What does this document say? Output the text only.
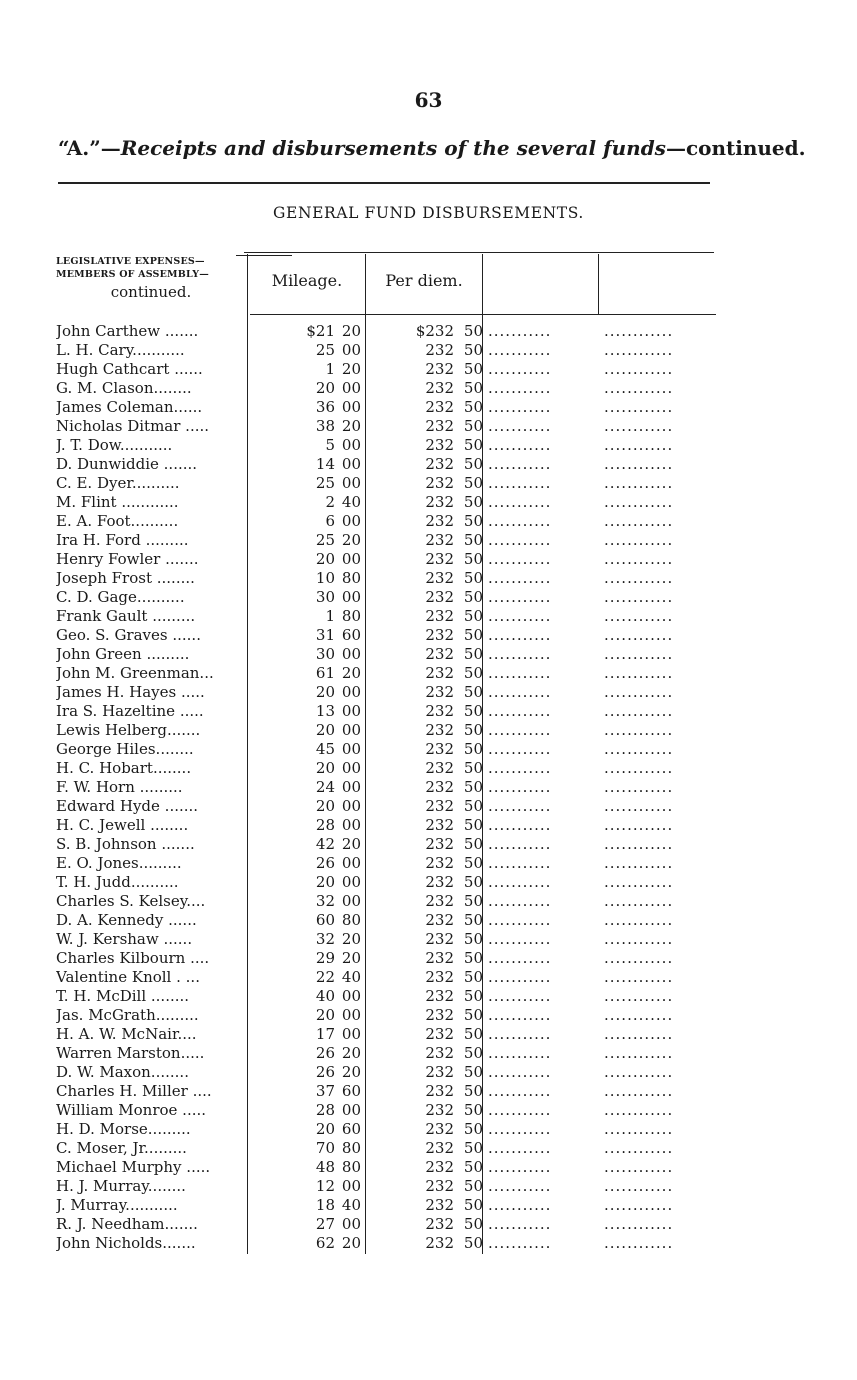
63
“A.”—Receipts and disbursements of the several funds—continued.
GENERAL FUND DISBURSEMENTS.
LEGISLATIVE EXPENSES—
MEMBERS OF ASSEMBLY—
continued.
Mileage.	Per diem.
John Carthew .......	$21 20	$232 50 ...........	............
L. H. Cary...........	25 00	232 50 ...........	............
Hugh Cathcart ......	1 20	232 50 ...........	............
G. M. Clason........	20 00	232 50 ...........	............
James Coleman......	36 00	232 50 ...........	............
Nicholas Ditmar .....	38 20	232 50 ...........	............
J. T. Dow...........	5 00	232 50 ...........	............
D. Dunwiddie .......	14 00	232 50 ...........	............
C. E. Dyer..........	25 00	232 50 ...........	............
M. Flint ............	2 40	232 50 ...........	............
E. A. Foot..........	6 00	232 50 ...........	............
Ira H. Ford .........	25 20	232 50 ...........	............
Henry Fowler .......	20 00	232 50 ...........	............
Joseph Frost ........	10 80	232 50 ...........	............
C. D. Gage..........	30 00	232 50 ...........	............
Frank Gault .........	1 80	232 50 ...........	............
Geo. S. Graves ......	31 60	232 50 ...........	............
John Green .........	30 00	232 50 ...........	............
John M. Greenman...	61 20	232 50 ...........	............
James H. Hayes .....	20 00	232 50 ...........	............
Ira S. Hazeltine .....	13 00	232 50 ...........	............
Lewis Helberg.......	20 00	232 50 ...........	............
George Hiles........	45 00	232 50 ...........	............
H. C. Hobart........	20 00	232 50 ...........	............
F. W. Horn .........	24 00	232 50 ...........	............
Edward Hyde .......	20 00	232 50 ...........	............
H. C. Jewell ........	28 00	232 50 ...........	............
S. B. Johnson .......	42 20	232 50 ...........	............
E. O. Jones.........	26 00	232 50 ...........	............
T. H. Judd..........	20 00	232 50 ...........	............
Charles S. Kelsey....	32 00	232 50 ...........	............
D. A. Kennedy ......	60 80	232 50 ...........	............
W. J. Kershaw ......	32 20	232 50 ...........	............
Charles Kilbourn ....	29 20	232 50 ...........	............
Valentine Knoll . ...	22 40	232 50 ...........	............
T. H. McDill ........	40 00	232 50 ...........	............
Jas. McGrath.........	20 00	232 50 ...........	............
H. A. W. McNair....	17 00	232 50 ...........	............
Warren Marston.....	26 20	232 50 ...........	............
D. W. Maxon........	26 20	232 50 ...........	............
Charles H. Miller ....	37 60	232 50 ...........	............
William Monroe .....	28 00	232 50 ...........	............
H. D. Morse.........	20 60	232 50 ...........	............
C. Moser, Jr.........	70 80	232 50 ...........	............
Michael Murphy .....	48 80	232 50 ...........	............
H. J. Murray........	12 00	232 50 ...........	............
J. Murray...........	18 40	232 50 ...........	............
R. J. Needham.......	27 00	232 50 ...........	............
John Nicholds.......	62 20	232 50 ...........	............
